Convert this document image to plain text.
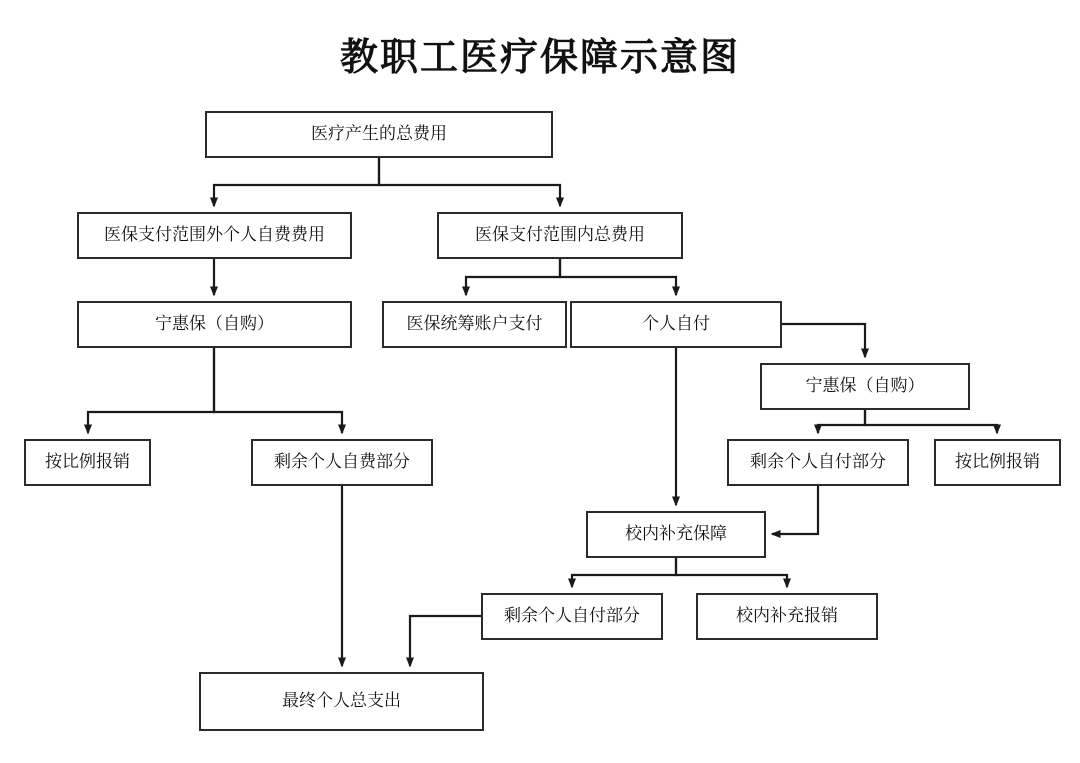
教职工医疗保障示意图
医疗产生的总费用
医保支付范围外个人自费费用	医保支付范围内总费用
宁惠保（自购）	医保统筹账户支付	个人自付
宁惠保（自购）
按比例报销	剩余个人自费部分	剩余个人自付部分	按比例报销
校内补充保障
剩余个人自付部分	校内补充报销
最终个人总支出
